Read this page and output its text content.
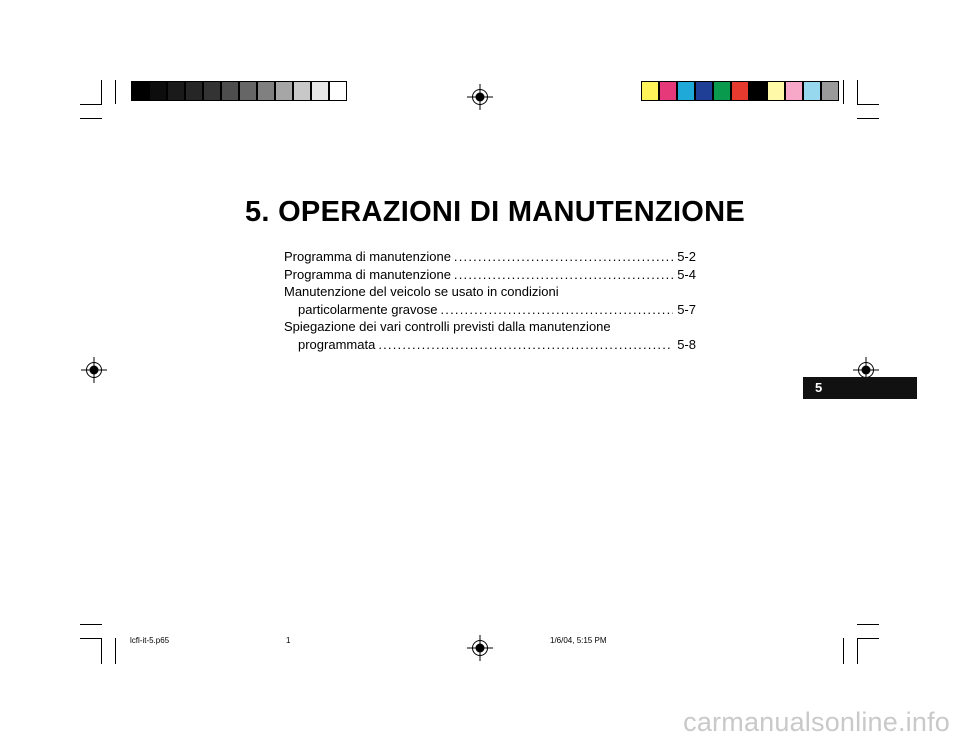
5. OPERAZIONI DI MANUTENZIONE
Programma di manutenzione .....	5-2
Programma di manutenzione .....	5-4
Manutenzione del veicolo se usato in condizioni
particolarmente gravose .....	5-7
Spiegazione dei vari controlli previsti dalla manutenzione
programmata .....	5-8
5
lcfl-it-5.p65	1	1/6/04, 5:15 PM
carmanualsonline.info
